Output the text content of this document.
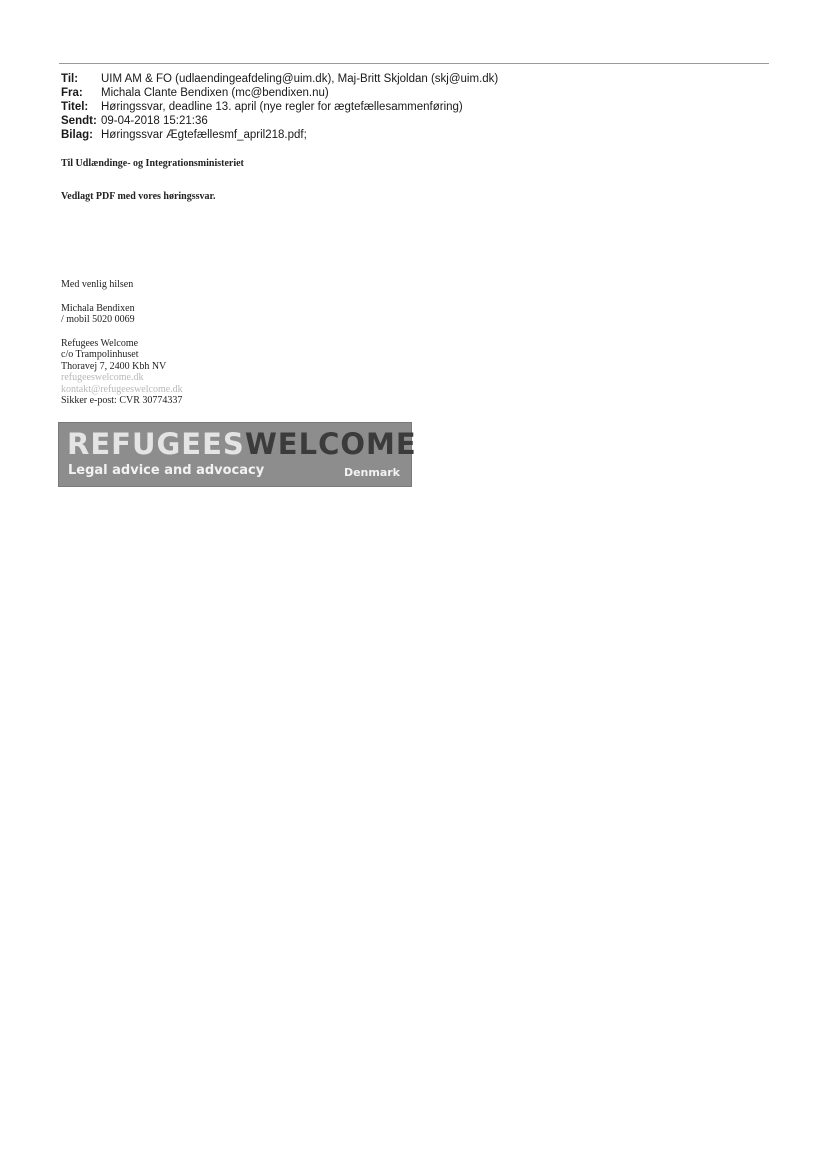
Til:	UIM AM & FO (udlaendingeafdeling@uim.dk), Maj-Britt Skjoldan (skj@uim.dk)
Fra:	Michala Clante Bendixen (mc@bendixen.nu)
Titel:	Høringssvar, deadline 13. april (nye regler for ægtefællesammenføring)
Sendt: 09-04-2018 15:21:36
Bilag: Høringssvar Ægtefællesmf_april218.pdf;

Til Udlændinge- og Integrationsministeriet

Vedlagt PDF med vores høringssvar.

Med venlig hilsen
Michala Bendixen
/ mobil 5020 0069
Refugees Welcome
c/o Trampolinhuset
Thoravej 7, 2400 Kbh NV
refugeeswelcome.dk
kontakt@refugeeswelcome.dk
Sikker e-post: CVR 30774337
REFUGEESWELCOME
Legal advice and advocacy	Denmark
